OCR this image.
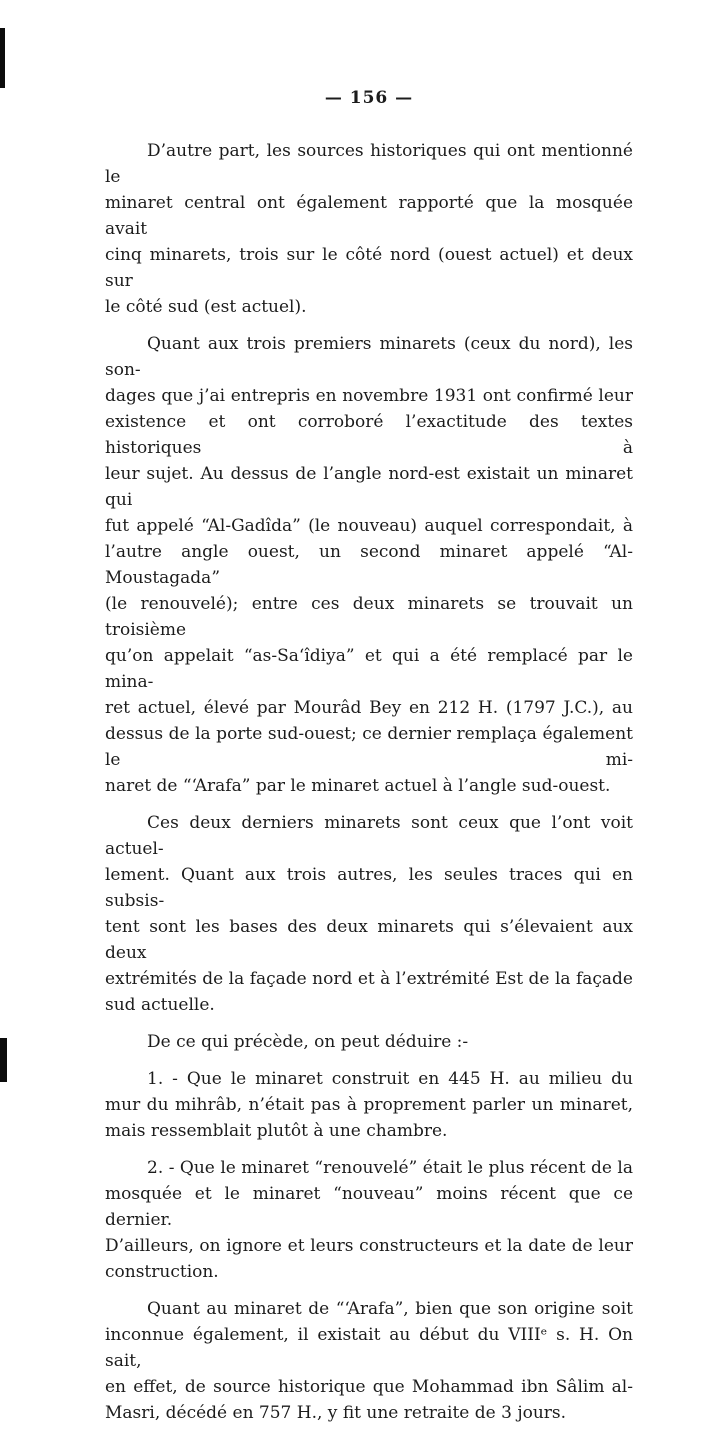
— 156 —
D’autre part, les sources historiques qui ont mentionné le
minaret central ont également rapporté que la mosquée avait
cinq minarets, trois sur le côté nord (ouest actuel) et deux sur
le côté sud (est actuel).
Quant aux trois premiers minarets (ceux du nord), les son-
dages que j’ai entrepris en novembre 1931 ont confirmé leur
existence et ont corroboré l’exactitude des textes historiques à
leur sujet. Au dessus de l’angle nord-est existait un minaret qui
fut appelé “Al-Gadîda” (le nouveau) auquel correspondait, à
l’autre angle ouest, un second minaret appelé “Al-Moustagada”
(le renouvelé); entre ces deux minarets se trouvait un troisième
qu’on appelait “as-Sa‘îdiya” et qui a été remplacé par le mina-
ret actuel, élevé par Mourâd Bey en 212 H. (1797 J.C.), au
dessus de la porte sud-ouest; ce dernier remplaça également le mi-
naret de “‘Arafa” par le minaret actuel à l’angle sud-ouest.
Ces deux derniers minarets sont ceux que l’ont voit actuel-
lement. Quant aux trois autres, les seules traces qui en subsis-
tent sont les bases des deux minarets qui s’élevaient aux deux
extrémités de la façade nord et à l’extrémité Est de la façade
sud actuelle.
De ce qui précède, on peut déduire :-
1. - Que le minaret construit en 445 H. au milieu du
mur du mihrâb, n’était pas à proprement parler un minaret,
mais ressemblait plutôt à une chambre.
2. - Que le minaret “renouvelé” était le plus récent de la
mosquée et le minaret “nouveau” moins récent que ce dernier.
D’ailleurs, on ignore et leurs constructeurs et la date de leur
construction.
Quant au minaret de “‘Arafa”, bien que son origine soit
inconnue également, il existait au début du VIIIᵉ s. H. On sait,
en effet, de source historique que Mohammad ibn Sâlim al-
Masri, décédé en 757 H., y fit une retraite de 3 jours.
